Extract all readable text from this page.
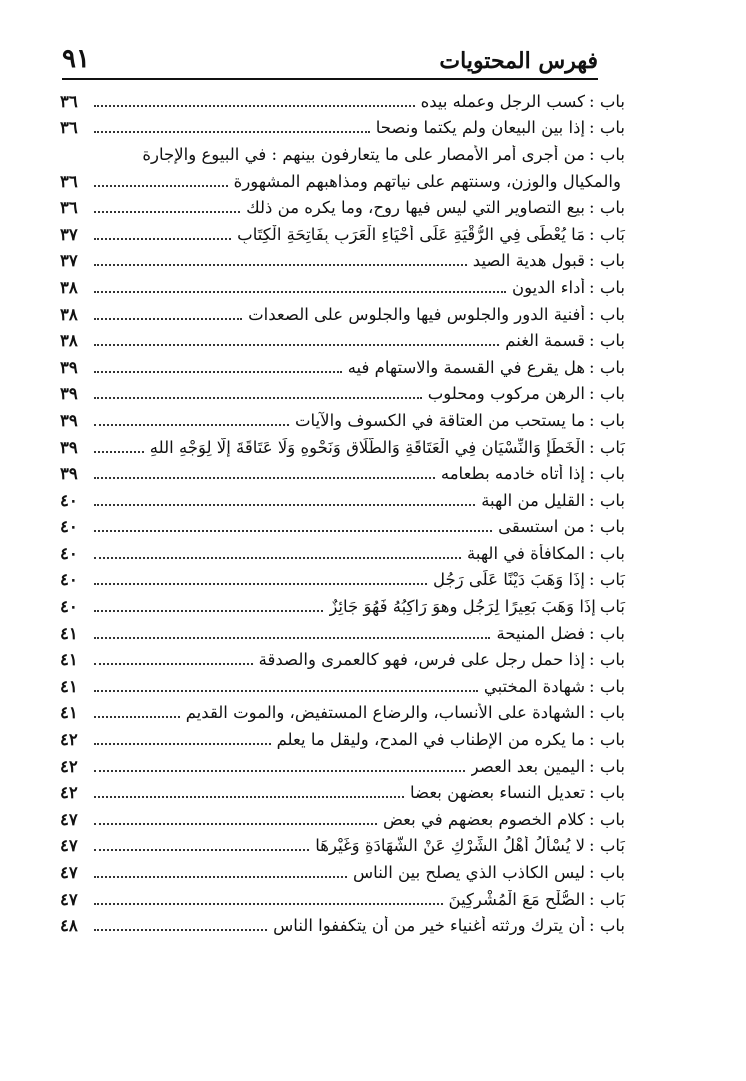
فهرس المحتويات
٩١
باب :
كسب الرجل وعمله بيده
٣٦
باب :
إذا بين البيعان ولم يكتما ونصحا
٣٦
باب :
من أجرى أمر الأمصار على ما يتعارفون بينهم : في البيوع والإجارة
والمكيال والوزن، وسنتهم على نياتهم ومذاهبهم المشهورة
٣٦
باب :
بيع التصاوير التي ليس فيها روح، وما يكره من ذلك
٣٦
بَاب :
مَا يُعْطَى فِي الرُّقْيَةِ عَلَى أَحْيَاءِ الْعَرَبِ بِفَاتِحَةِ الْكِتَابِ
٣٧
باب :
قبول هدية الصيد
٣٧
باب :
أداء الديون
٣٨
باب :
أفنية الدور والجلوس فيها والجلوس على الصعدات
٣٨
باب :
قسمة الغنم
٣٨
باب :
هل يقرع في القسمة والاستهام فيه
٣٩
باب :
الرهن مركوب ومحلوب
٣٩
باب :
ما يستحب من العتاقة في الكسوف والآيات
٣٩
بَاب :
الْخَطَإِ وَالنِّسْيَانِ فِي الْعَتَاقَةِ وَالطَّلَاقِ وَنَحْوِهِ وَلَا عَتَاقَةَ إِلَّا لِوَجْهِ اللهِ
٣٩
باب :
إذا أتاه خادمه بطعامه
٣٩
باب :
القليل من الهبة
٤٠
باب :
من استسقى
٤٠
باب :
المكافأة في الهبة
٤٠
بَاب :
إِذَا وَهَبَ دَيْنًا عَلَى رَجُلٍ
٤٠
بَاب
إِذَا وَهَبَ بَعِيرًا لِرَجُلٍ وهوَ رَاكِبُهُ فَهُوَ جَائِزٌ
٤٠
باب :
فضل المنيحة
٤١
باب :
إذا حمل رجل على فرس، فهو كالعمرى والصدقة
٤١
باب :
شهادة المختبي
٤١
باب :
الشهادة على الأنساب، والرضاع المستفيض، والموت القديم
٤١
باب :
ما يكره من الإطناب في المدح، وليقل ما يعلم
٤٢
باب :
اليمين بعد العصر
٤٢
باب :
تعديل النساء بعضهن بعضا
٤٢
باب :
كلام الخصوم بعضهم في بعض
٤٧
بَاب :
لا يُسْأَلُ أَهْلُ الشِّرْكِ عَنْ الشَّهَادَةِ وَغَيْرِهَا
٤٧
باب :
ليس الكاذب الذي يصلح بين الناس
٤٧
بَاب :
الصُّلْحِ مَعَ الْمُشْرِكِينَ
٤٧
باب :
أن يترك ورثته أغنياء خير من أن يتكففوا الناس
٤٨
